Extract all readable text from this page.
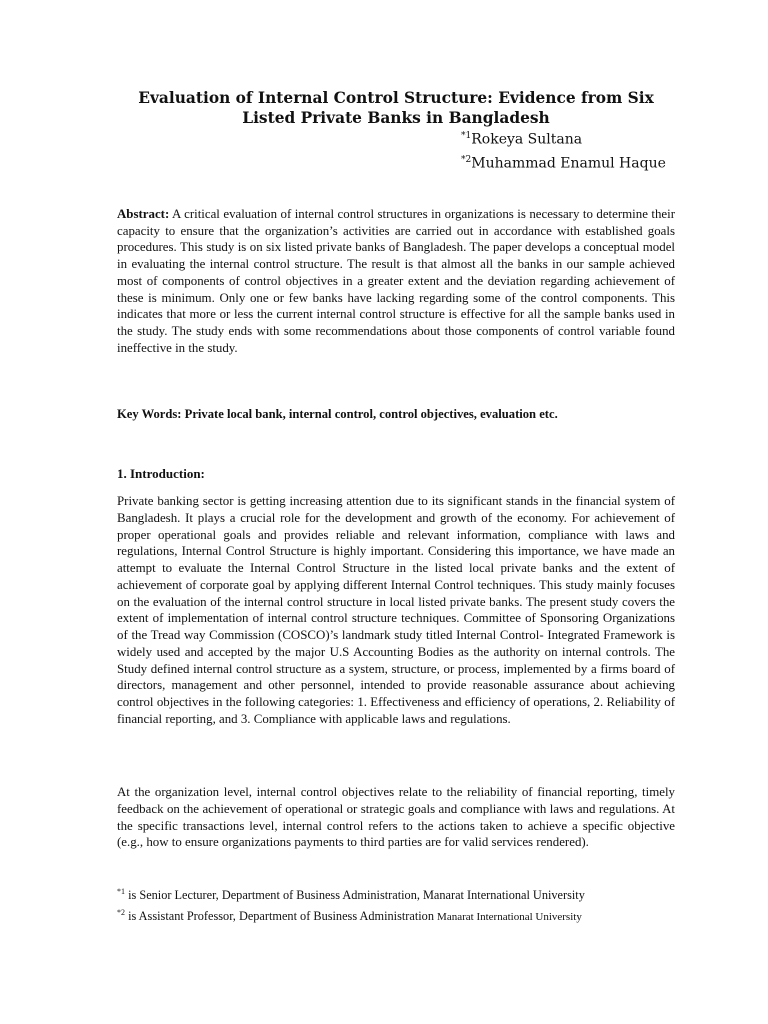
Evaluation of Internal Control Structure: Evidence from Six Listed Private Banks in Bangladesh
$^{*1}$Rokeya Sultana
$^{*2}$Muhammad Enamul Haque

Abstract: A critical evaluation of internal control structures in organizations is necessary to determine their capacity to ensure that the organization’s activities are carried out in accordance with established goals procedures. This study is on six listed private banks of Bangladesh. The paper develops a conceptual model in evaluating the internal control structure. The result is that almost all the banks in our sample achieved most of components of control objectives in a greater extent and the deviation regarding achievement of these is minimum. Only one or few banks have lacking regarding some of the control components. This indicates that more or less the current internal control structure is effective for all the sample banks used in the study. The study ends with some recommendations about those components of control variable found ineffective in the study.

Key Words: Private local bank, internal control, control objectives, evaluation etc.

1. Introduction:

Private banking sector is getting increasing attention due to its significant stands in the financial system of Bangladesh. It plays a crucial role for the development and growth of the economy. For achievement of proper operational goals and provides reliable and relevant information, compliance with laws and regulations, Internal Control Structure is highly important. Considering this importance, we have made an attempt to evaluate the Internal Control Structure in the listed local private banks and the extent of achievement of corporate goal by applying different Internal Control techniques. This study mainly focuses on the evaluation of the internal control structure in local listed private banks. The present study covers the extent of implementation of internal control structure techniques. Committee of Sponsoring Organizations of the Tread way Commission (COSCO)’s landmark study titled Internal Control- Integrated Framework is widely used and accepted by the major U.S Accounting Bodies as the authority on internal controls. The Study defined internal control structure as a system, structure, or process, implemented by a firms board of directors, management and other personnel, intended to provide reasonable assurance about achieving control objectives in the following categories: 1. Effectiveness and efficiency of operations, 2. Reliability of financial reporting, and 3. Compliance with applicable laws and regulations.

At the organization level, internal control objectives relate to the reliability of financial reporting, timely feedback on the achievement of operational or strategic goals and compliance with laws and regulations. At the specific transactions level, internal control refers to the actions taken to achieve a specific objective (e.g., how to ensure organizations payments to third parties are for valid services rendered).

$^{*1}$ is Senior Lecturer, Department of Business Administration, Manarat International University

$^{*2}$ is Assistant Professor, Department of Business Administration Manarat International University
